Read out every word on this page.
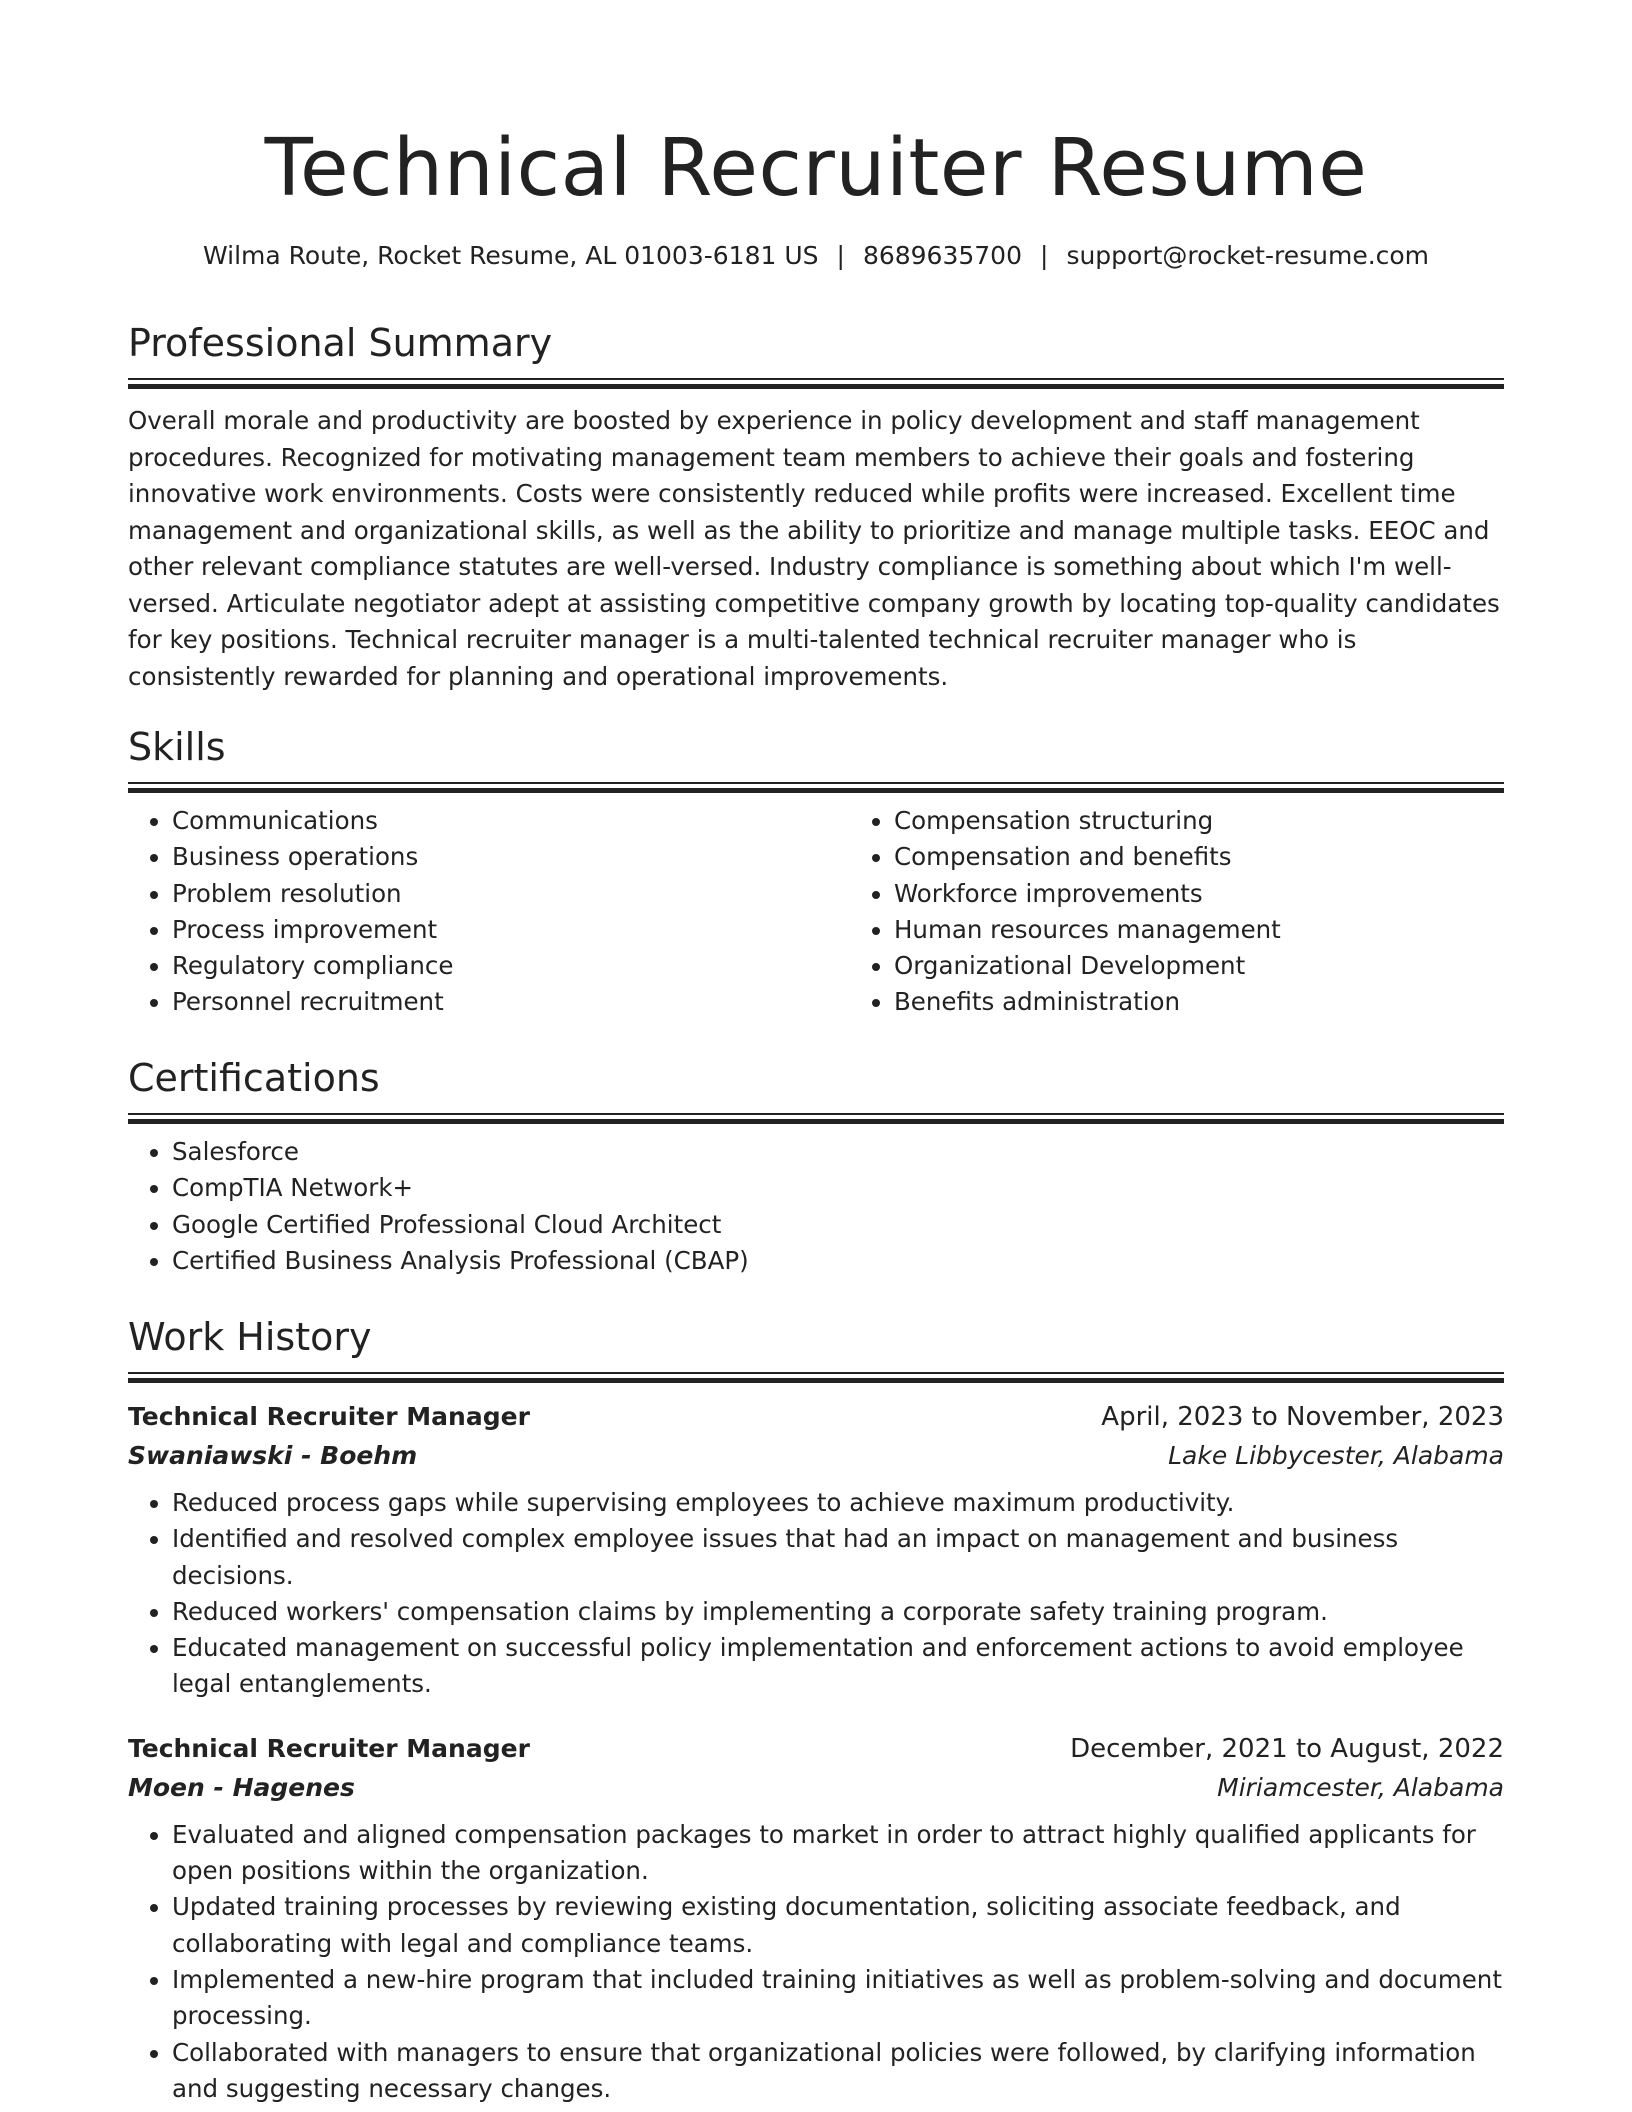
Technical Recruiter Resume
Wilma Route, Rocket Resume, AL 01003-6181 US | 8689635700 | support@rocket-resume.com
Professional Summary

Overall morale and productivity are boosted by experience in policy development and staff management procedures. Recognized for motivating management team members to achieve their goals and fostering innovative work environments. Costs were consistently reduced while profits were increased. Excellent time management and organizational skills, as well as the ability to prioritize and manage multiple tasks. EEOC and other relevant compliance statutes are well-versed. Industry compliance is something about which I'm well-versed. Articulate negotiator adept at assisting competitive company growth by locating top-quality candidates for key positions. Technical recruiter manager is a multi-talented technical recruiter manager who is consistently rewarded for planning and operational improvements.

Skills
• Communications
• Business operations
• Problem resolution
• Process improvement
• Regulatory compliance
• Personnel recruitment
• Compensation structuring
• Compensation and benefits
• Workforce improvements
• Human resources management
• Organizational Development
• Benefits administration
Certifications
• Salesforce
• CompTIA Network+
• Google Certified Professional Cloud Architect
• Certified Business Analysis Professional (CBAP)
Work History
Technical Recruiter Manager	April, 2023 to November, 2023
Swaniawski - Boehm	Lake Libbycester, Alabama
• Reduced process gaps while supervising employees to achieve maximum productivity.
• Identified and resolved complex employee issues that had an impact on management and business decisions.
• Reduced workers' compensation claims by implementing a corporate safety training program.
• Educated management on successful policy implementation and enforcement actions to avoid employee legal entanglements.
Technical Recruiter Manager	December, 2021 to August, 2022
Moen - Hagenes	Miriamcester, Alabama
• Evaluated and aligned compensation packages to market in order to attract highly qualified applicants for open positions within the organization.
• Updated training processes by reviewing existing documentation, soliciting associate feedback, and collaborating with legal and compliance teams.
• Implemented a new-hire program that included training initiatives as well as problem-solving and document processing.
• Collaborated with managers to ensure that organizational policies were followed, by clarifying information and suggesting necessary changes.
